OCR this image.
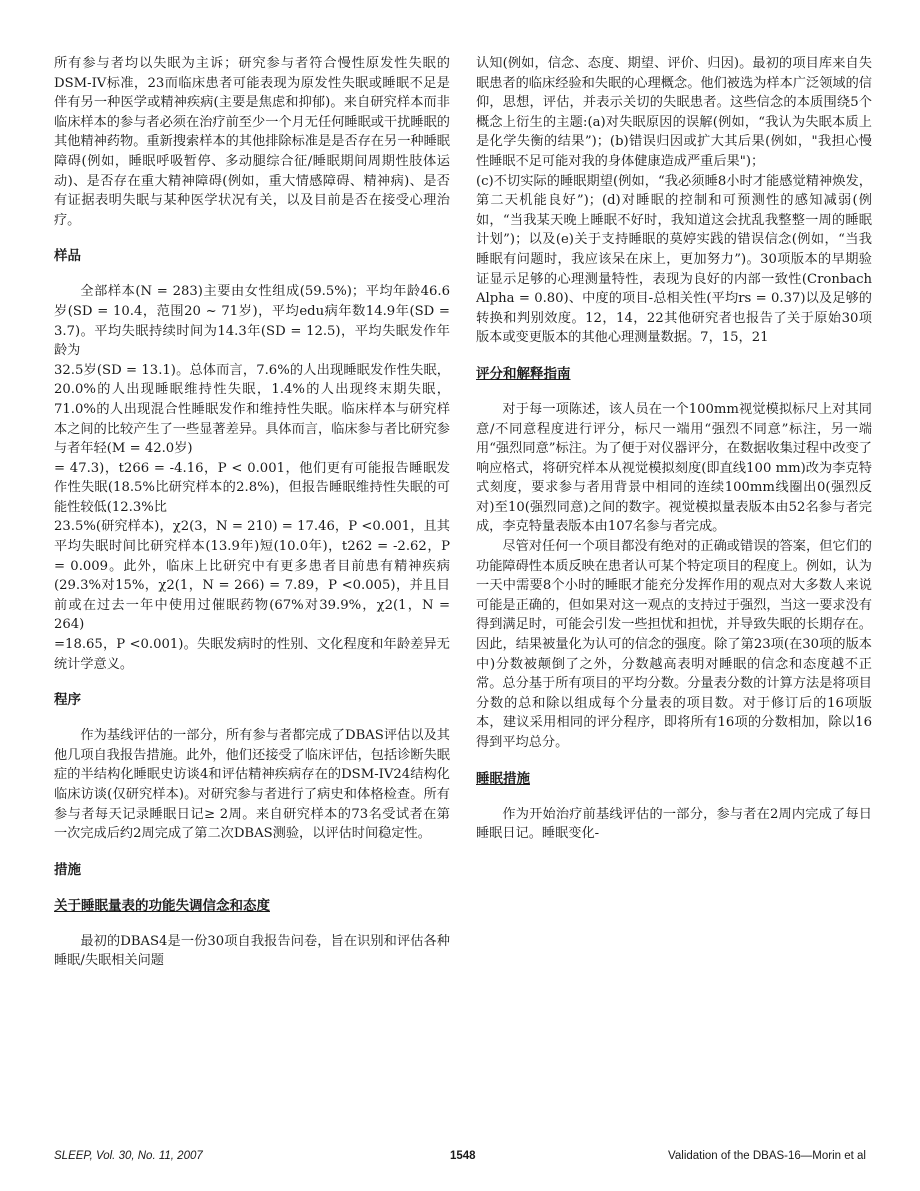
所有参与者均以失眠为主诉；研究参与者符合慢性原发性失眠的DSM-IV标准，23而临床患者可能表现为原发性失眠或睡眠不足是伴有另一种医学或精神疾病(主要是焦虑和抑郁)。来自研究样本而非临床样本的参与者必须在治疗前至少一个月无任何睡眠或干扰睡眠的其他精神药物。重新搜索样本的其他排除标准是是否存在另一种睡眠障碍(例如，睡眠呼吸暂停、多动腿综合征/睡眠期间周期性肢体运动)、是否存在重大精神障碍(例如，重大情感障碍、精神病)、是否有证据表明失眠与某种医学状况有关，以及目前是否在接受心理治疗。

样品

全部样本(N = 283)主要由女性组成(59.5%)；平均年龄46.6岁(SD = 10.4，范围20 ~ 71岁)，平均edu病年数14.9年(SD = 3.7)。平均失眠持续时间为14.3年(SD = 12.5)，平均失眠发作年龄为

32.5岁(SD = 13.1)。总体而言，7.6%的人出现睡眠发作性失眠，20.0%的人出现睡眠维持性失眠，1.4%的人出现终末期失眠，71.0%的人出现混合性睡眠发作和维持性失眠。临床样本与研究样本之间的比较产生了一些显著差异。具体而言，临床参与者比研究参与者年轻(M = 42.0岁)

= 47.3)，t266 = -4.16，P < 0.001，他们更有可能报告睡眠发作性失眠(18.5%比研究样本的2.8%)，但报告睡眠维持性失眠的可能性较低(12.3%比

23.5%(研究样本)，χ2(3，N = 210) = 17.46，P <0.001，且其平均失眠时间比研究样本(13.9年)短(10.0年)，t262 = -2.62，P = 0.009。此外，临床上比研究中有更多患者目前患有精神疾病(29.3%对15%，χ2(1，N = 266) = 7.89，P <0.005)，并且目前或在过去一年中使用过催眠药物(67%对39.9%，χ2(1，N = 264)

=18.65，P <0.001)。失眠发病时的性别、文化程度和年龄差异无统计学意义。

程序

作为基线评估的一部分，所有参与者都完成了DBAS评估以及其他几项自我报告措施。此外，他们还接受了临床评估，包括诊断失眠症的半结构化睡眠史访谈4和评估精神疾病存在的DSM-IV24结构化临床访谈(仅研究样本)。对研究参与者进行了病史和体格检查。所有参与者每天记录睡眠日记≥ 2周。来自研究样本的73名受试者在第一次完成后约2周完成了第二次DBAS测验，以评估时间稳定性。

措施
关于睡眠量表的功能失调信念和态度

最初的DBAS4是一份30项自我报告问卷，旨在识别和评估各种睡眠/失眠相关问题

认知(例如，信念、态度、期望、评价、归因)。最初的项目库来自失眠患者的临床经验和失眠的心理概念。他们被选为样本广泛领域的信仰，思想，评估，并表示关切的失眠患者。这些信念的本质围绕5个概念上衍生的主题:(a)对失眠原因的误解(例如，“我认为失眠本质上是化学失衡的结果”)；(b)错误归因或扩大其后果(例如，"我担心慢性睡眠不足可能对我的身体健康造成严重后果")；

(c)不切实际的睡眠期望(例如，“我必须睡8小时才能感觉精神焕发，第二天机能良好”)；(d)对睡眠的控制和可预测性的感知减弱(例如，“当我某天晚上睡眠不好时，我知道这会扰乱我整整一周的睡眠计划”)；以及(e)关于支持睡眠的莫婷实践的错误信念(例如，“当我睡眠有问题时，我应该呆在床上，更加努力”)。30项版本的早期验证显示足够的心理测量特性，表现为良好的内部一致性(Cronbach Alpha = 0.80)、中度的项目-总相关性(平均rs = 0.37)以及足够的转换和判别效度。12，14，22其他研究者也报告了关于原始30项版本或变更版本的其他心理测量数据。7，15，21

评分和解释指南

对于每一项陈述，该人员在一个100mm视觉模拟标尺上对其同意/不同意程度进行评分，标尺一端用“强烈不同意”标注，另一端用“强烈同意”标注。为了便于对仪器评分，在数据收集过程中改变了响应格式，将研究样本从视觉模拟刻度(即直线100 mm)改为李克特式刻度，要求参与者用背景中相同的连续100mm线圈出0(强烈反对)至10(强烈同意)之间的数字。视觉模拟量表版本由52名参与者完成，李克特量表版本由107名参与者完成。

尽管对任何一个项目都没有绝对的正确或错误的答案，但它们的功能障碍性本质反映在患者认可某个特定项目的程度上。例如，认为一天中需要8个小时的睡眠才能充分发挥作用的观点对大多数人来说可能是正确的，但如果对这一观点的支持过于强烈，当这一要求没有得到满足时，可能会引发一些担忧和担忧，并导致失眠的长期存在。因此，结果被量化为认可的信念的强度。除了第23项(在30项的版本中)分数被颠倒了之外，分数越高表明对睡眠的信念和态度越不正常。总分基于所有项目的平均分数。分量表分数的计算方法是将项目分数的总和除以组成每个分量表的项目数。对于修订后的16项版本，建议采用相同的评分程序，即将所有16项的分数相加，除以16得到平均总分。

睡眠措施

作为开始治疗前基线评估的一部分，参与者在2周内完成了每日睡眠日记。睡眠变化-

SLEEP, Vol. 30, No. 11, 2007	1548	Validation of the DBAS-16—Morin et al
